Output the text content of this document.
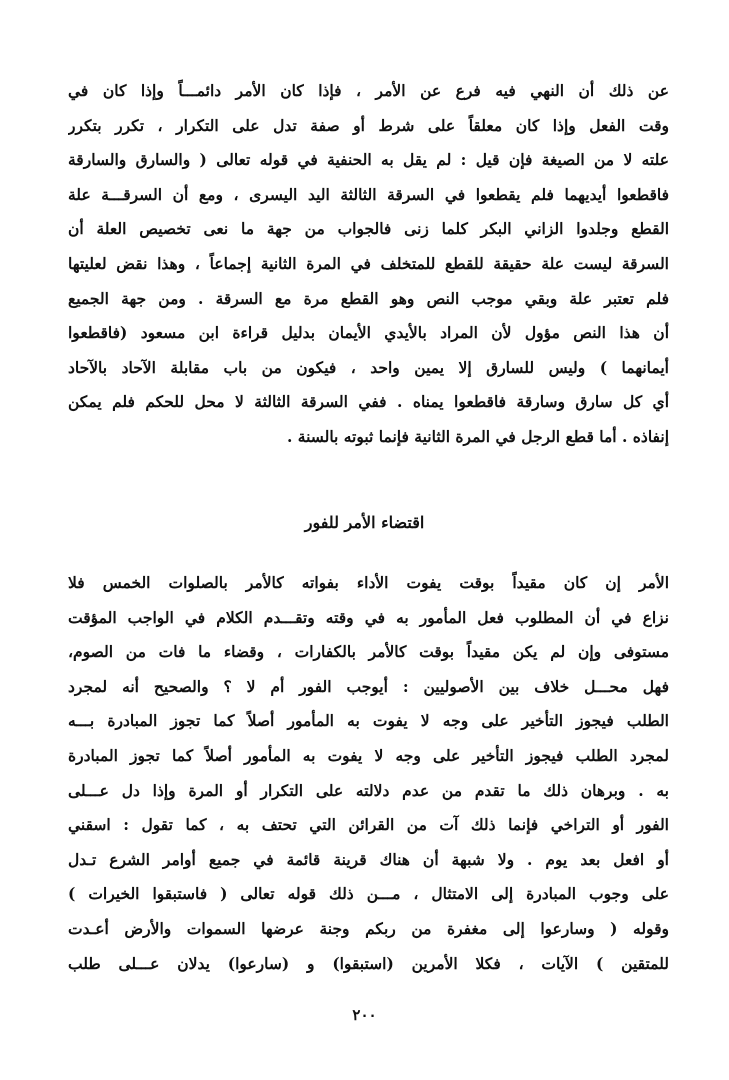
عن ذلك أن النهي فيه فرع عن الأمر ، فإذا كان الأمر دائمـــاً وإذا كان في
وقت الفعل وإذا كان معلقاً على شرط أو صفة تدل على التكرار ، تكرر بتكرر
علته لا من الصيغة فإن قيل : لم يقل به الحنفية في قوله تعالى ( والسارق والسارقة
فاقطعوا أيديهما فلم يقطعوا في السرقة الثالثة اليد اليسرى ، ومع أن السرقـــة علة
القطع وجلدوا الزاني البكر كلما زنى فالجواب من جهة ما نعى تخصيص العلة أن
السرقة ليست علة حقيقة للقطع للمتخلف في المرة الثانية إجماعاً ، وهذا نقض لعليتها
فلم تعتبر علة وبقي موجب النص وهو القطع مرة مع السرقة . ومن جهة الجميع
أن هذا النص مؤول لأن المراد بالأيدي الأيمان بدليل قراءة ابن مسعود (فاقطعوا
أيمانهما ) وليس للسارق إلا يمين واحد ، فيكون من باب مقابلة الآحاد بالآحاد
أي كل سارق وسارقة فاقطعوا يمناه . ففي السرقة الثالثة لا محل للحكم فلم يمكن
إنفاذه . أما قطع الرجل في المرة الثانية فإنما ثبوته بالسنة .
اقتضاء الأمر للفور
الأمر إن كان مقيداً بوقت يفوت الأداء بفواته كالأمر بالصلوات الخمس فلا
نزاع في أن المطلوب فعل المأمور به في وقته وتقـــدم الكلام في الواجب المؤقت
مستوفى وإن لم يكن مقيداً بوقت كالأمر بالكفارات ، وقضاء ما فات من الصوم،
فهل محـــل خلاف بين الأصوليين : أيوجب الفور أم لا ؟ والصحيح أنه لمجرد
الطلب فيجوز التأخير على وجه لا يفوت به المأمور أصلاً كما تجوز المبادرة بـــه
لمجرد الطلب فيجوز التأخير على وجه لا يفوت به المأمور أصلاً كما تجوز المبادرة
به . وبرهان ذلك ما تقدم من عدم دلالته على التكرار أو المرة وإذا دل عـــلى
الفور أو التراخي فإنما ذلك آت من القرائن التي تحتف به ، كما تقول : اسقني
أو افعل بعد يوم . ولا شبهة أن هناك قرينة قائمة في جميع أوامر الشرع تـدل
على وجوب المبادرة إلى الامتثال ، مـــن ذلك قوله تعالى ( فاستبقوا الخيرات )
وقوله ( وسارعوا إلى مغفرة من ربكم وجنة عرضها السموات والأرض أعـدت
للمتقين ) الآيات ، فكلا الأمرين (استبقوا) و (سارعوا) يدلان عـــلى طلب
٢٠٠
